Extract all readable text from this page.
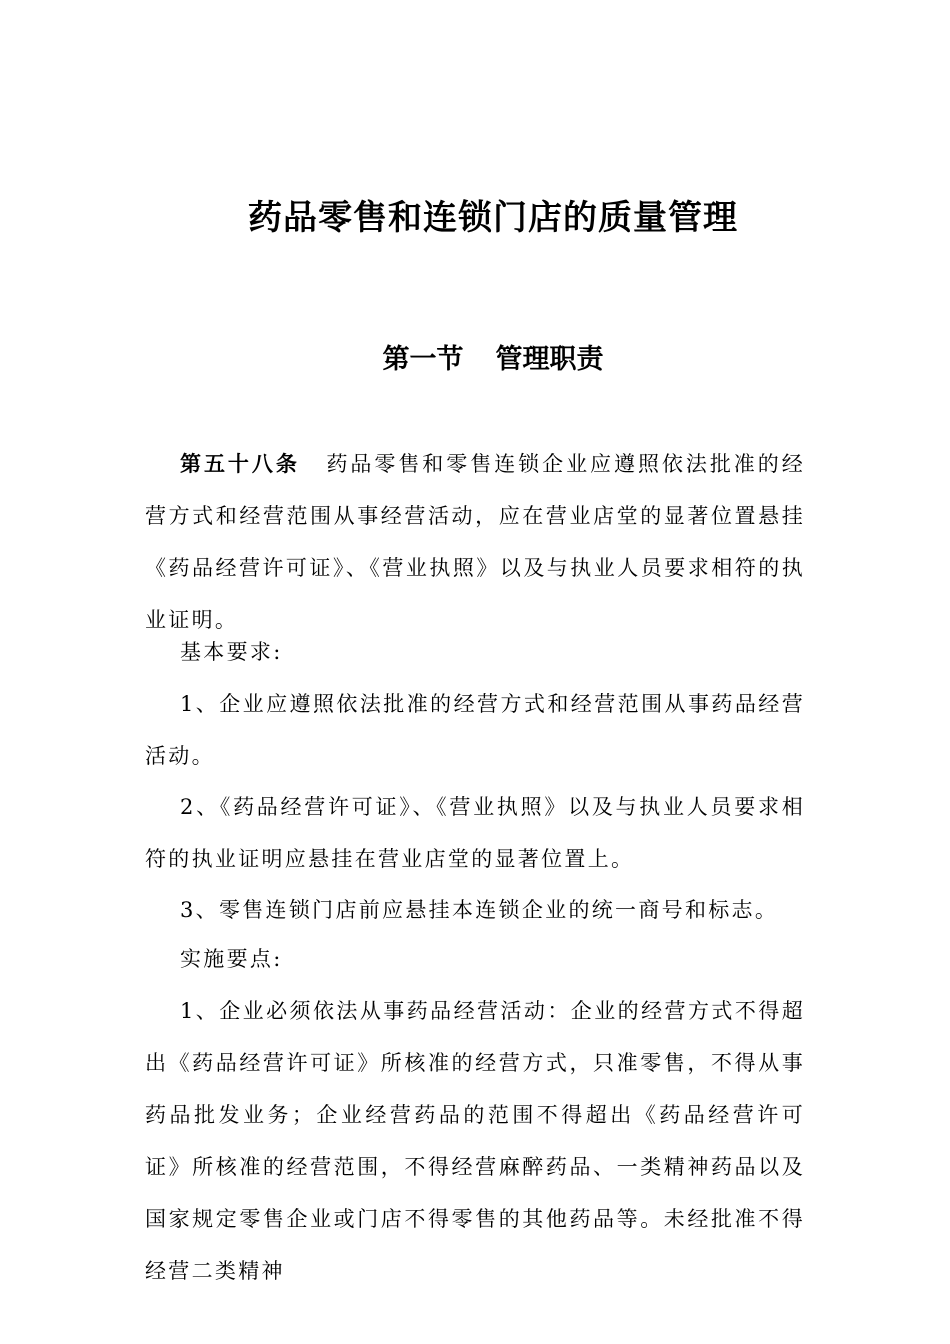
药品零售和连锁门店的质量管理
第一节 管理职责
第五十八条 药品零售和零售连锁企业应遵照依法批准的经营方式和经营范围从事经营活动，应在营业店堂的显著位置悬挂《药品经营许可证》、《营业执照》以及与执业人员要求相符的执业证明。
基本要求:
1、企业应遵照依法批准的经营方式和经营范围从事药品经营活动。
2、《药品经营许可证》、《营业执照》以及与执业人员要求相符的执业证明应悬挂在营业店堂的显著位置上。
3、零售连锁门店前应悬挂本连锁企业的统一商号和标志。
实施要点:
1、企业必须依法从事药品经营活动：企业的经营方式不得超出《药品经营许可证》所核准的经营方式，只准零售，不得从事药品批发业务；企业经营药品的范围不得超出《药品经营许可证》所核准的经营范围，不得经营麻醉药品、一类精神药品以及国家规定零售企业或门店不得零售的其他药品等。未经批准不得经营二类精神
